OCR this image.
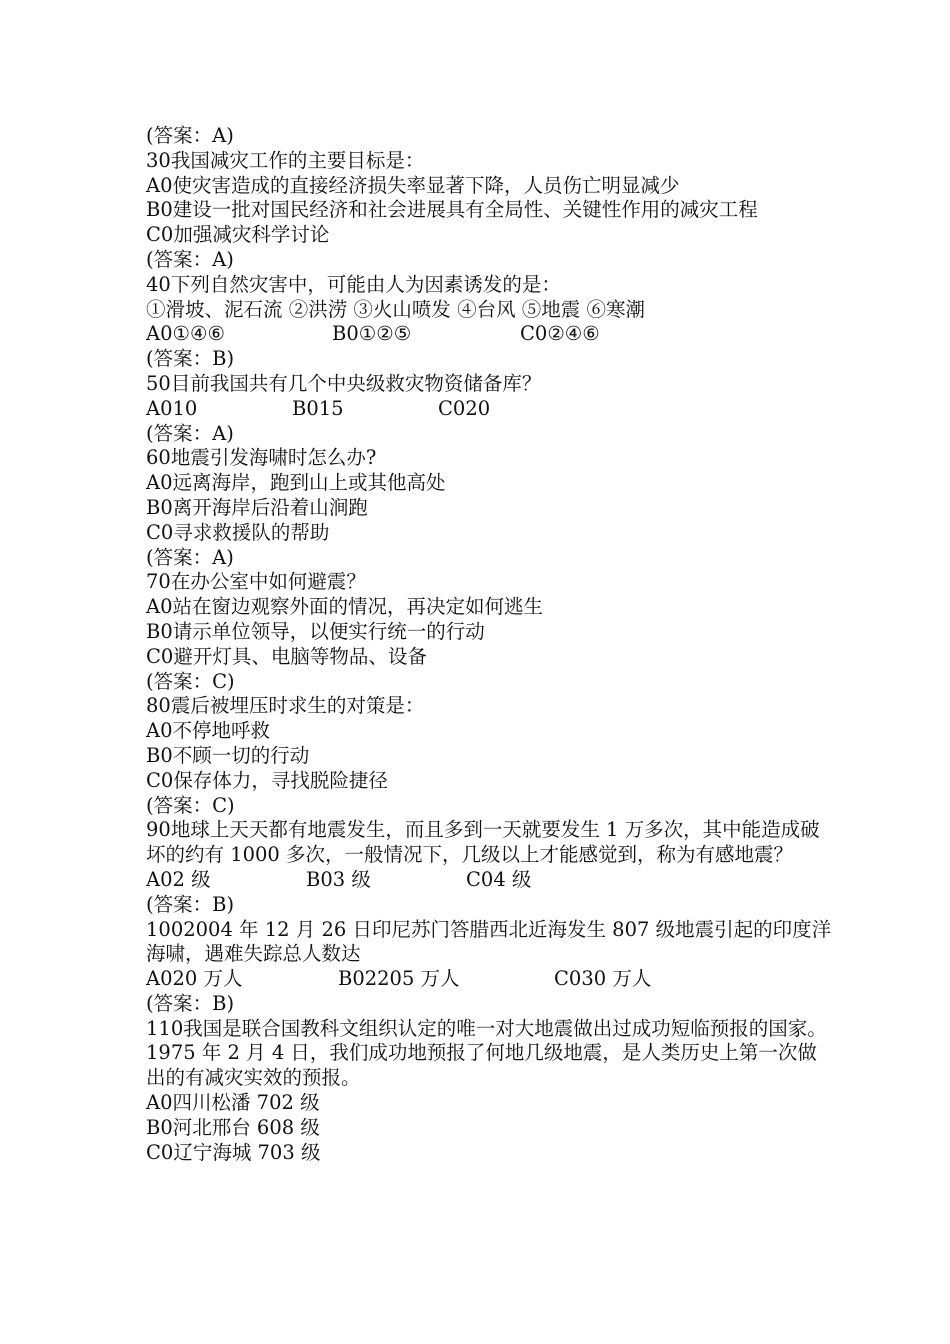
(答案：A)
30我国减灾工作的主要目标是：
A0使灾害造成的直接经济损失率显著下降，人员伤亡明显减少
B0建设一批对国民经济和社会进展具有全局性、关键性作用的减灾工程
C0加强减灾科学讨论
(答案：A)
40下列自然灾害中，可能由人为因素诱发的是：
①滑坡、泥石流 ②洪涝 ③火山喷发 ④台风 ⑤地震 ⑥寒潮
A0①④⑥	B0①②⑤	C0②④⑥
(答案：B)
50目前我国共有几个中央级救灾物资储备库？
A010	B015	C020
(答案：A)
60地震引发海啸时怎么办?
A0远离海岸，跑到山上或其他高处
B0离开海岸后沿着山涧跑
C0寻求救援队的帮助
(答案：A)
70在办公室中如何避震？
A0站在窗边观察外面的情况，再决定如何逃生
B0请示单位领导，以便实行统一的行动
C0避开灯具、电脑等物品、设备
(答案：C)
80震后被埋压时求生的对策是：
A0不停地呼救
B0不顾一切的行动
C0保存体力，寻找脱险捷径
(答案：C)
90地球上天天都有地震发生，而且多到一天就要发生 1 万多次，其中能造成破坏的约有 1000 多次，一般情况下，几级以上才能感觉到，称为有感地震？
A02 级	B03 级	C04 级
(答案：B)
1002004 年 12 月 26 日印尼苏门答腊西北近海发生 807 级地震引起的印度洋海啸，遇难失踪总人数达
A020 万人	B02205 万人	C030 万人
(答案：B)
110我国是联合国教科文组织认定的唯一对大地震做出过成功短临预报的国家。1975 年 2 月 4 日，我们成功地预报了何地几级地震，是人类历史上第一次做出的有减灾实效的预报。
A0四川松潘 702 级
B0河北邢台 608 级
C0辽宁海城 703 级
